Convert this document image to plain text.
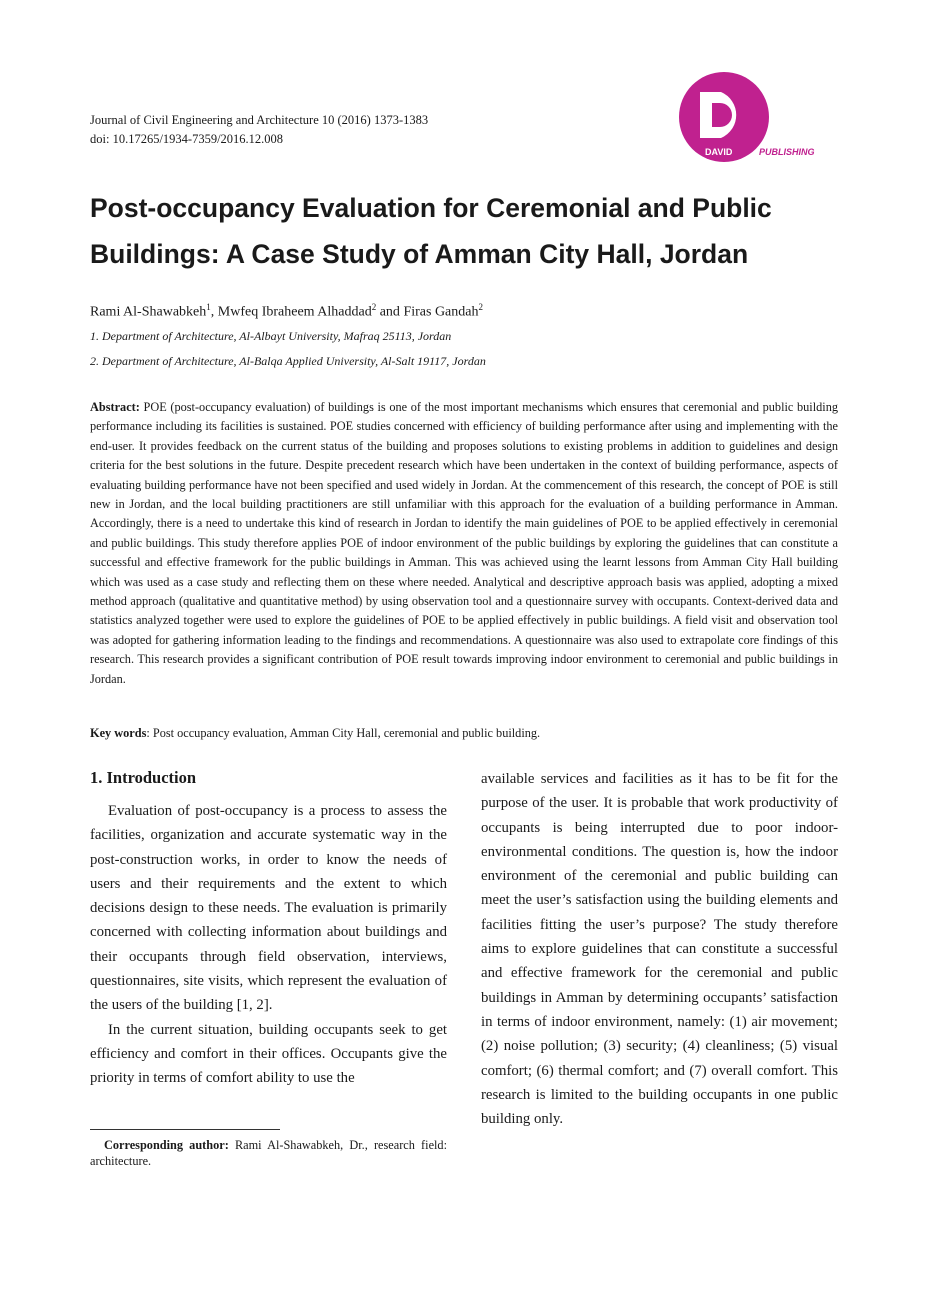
Journal of Civil Engineering and Architecture 10 (2016) 1373-1383
doi: 10.17265/1934-7359/2016.12.008
DAVID	PUBLISHING
Post-occupancy Evaluation for Ceremonial and Public Buildings: A Case Study of Amman City Hall, Jordan
Rami Al-Shawabkeh$^1$, Mwfeq Ibraheem Alhaddad$^2$ and Firas Gandah$^2$
1. Department of Architecture, Al-Albayt University, Mafraq 25113, Jordan
2. Department of Architecture, Al-Balqa Applied University, Al-Salt 19117, Jordan

Abstract: POE (post-occupancy evaluation) of buildings is one of the most important mechanisms which ensures that ceremonial and public building performance including its facilities is sustained. POE studies concerned with efficiency of building performance after using and implementing with the end-user. It provides feedback on the current status of the building and proposes solutions to existing problems in addition to guidelines and design criteria for the best solutions in the future. Despite precedent research which have been undertaken in the context of building performance, aspects of evaluating building performance have not been specified and used widely in Jordan. At the commencement of this research, the concept of POE is still new in Jordan, and the local building practitioners are still unfamiliar with this approach for the evaluation of a building performance in Amman. Accordingly, there is a need to undertake this kind of research in Jordan to identify the main guidelines of POE to be applied effectively in ceremonial and public buildings. This study therefore applies POE of indoor environment of the public buildings by exploring the guidelines that can constitute a successful and effective framework for the public buildings in Amman. This was achieved using the learnt lessons from Amman City Hall building which was used as a case study and reflecting them on these where needed. Analytical and descriptive approach basis was applied, adopting a mixed method approach (qualitative and quantitative method) by using observation tool and a questionnaire survey with occupants. Context-derived data and statistics analyzed together were used to explore the guidelines of POE to be applied effectively in public buildings. A field visit and observation tool was adopted for gathering information leading to the findings and recommendations. A questionnaire was also used to extrapolate core findings of this research. This research provides a significant contribution of POE result towards improving indoor environment to ceremonial and public buildings in Jordan.

Key words: Post occupancy evaluation, Amman City Hall, ceremonial and public building.

1. Introduction

Evaluation of post-occupancy is a process to assess the facilities, organization and accurate systematic way in the post-construction works, in order to know the needs of users and their requirements and the extent to which decisions design to these needs. The evaluation is primarily concerned with collecting information about buildings and their occupants through field observation, interviews, questionnaires, site visits, which represent the evaluation of the users of the building [1, 2].

In the current situation, building occupants seek to get efficiency and comfort in their offices. Occupants give the priority in terms of comfort ability to use the

available services and facilities as it has to be fit for the purpose of the user. It is probable that work productivity of occupants is being interrupted due to poor indoor-environmental conditions. The question is, how the indoor environment of the ceremonial and public building can meet the user’s satisfaction using the building elements and facilities fitting the user’s purpose? The study therefore aims to explore guidelines that can constitute a successful and effective framework for the ceremonial and public buildings in Amman by determining occupants’ satisfaction in terms of indoor environment, namely: (1) air movement; (2) noise pollution; (3) security; (4) cleanliness; (5) visual comfort; (6) thermal comfort; and (7) overall comfort. This research is limited to the building occupants in one public building only.

Corresponding author: Rami Al-Shawabkeh, Dr., research field: architecture.
